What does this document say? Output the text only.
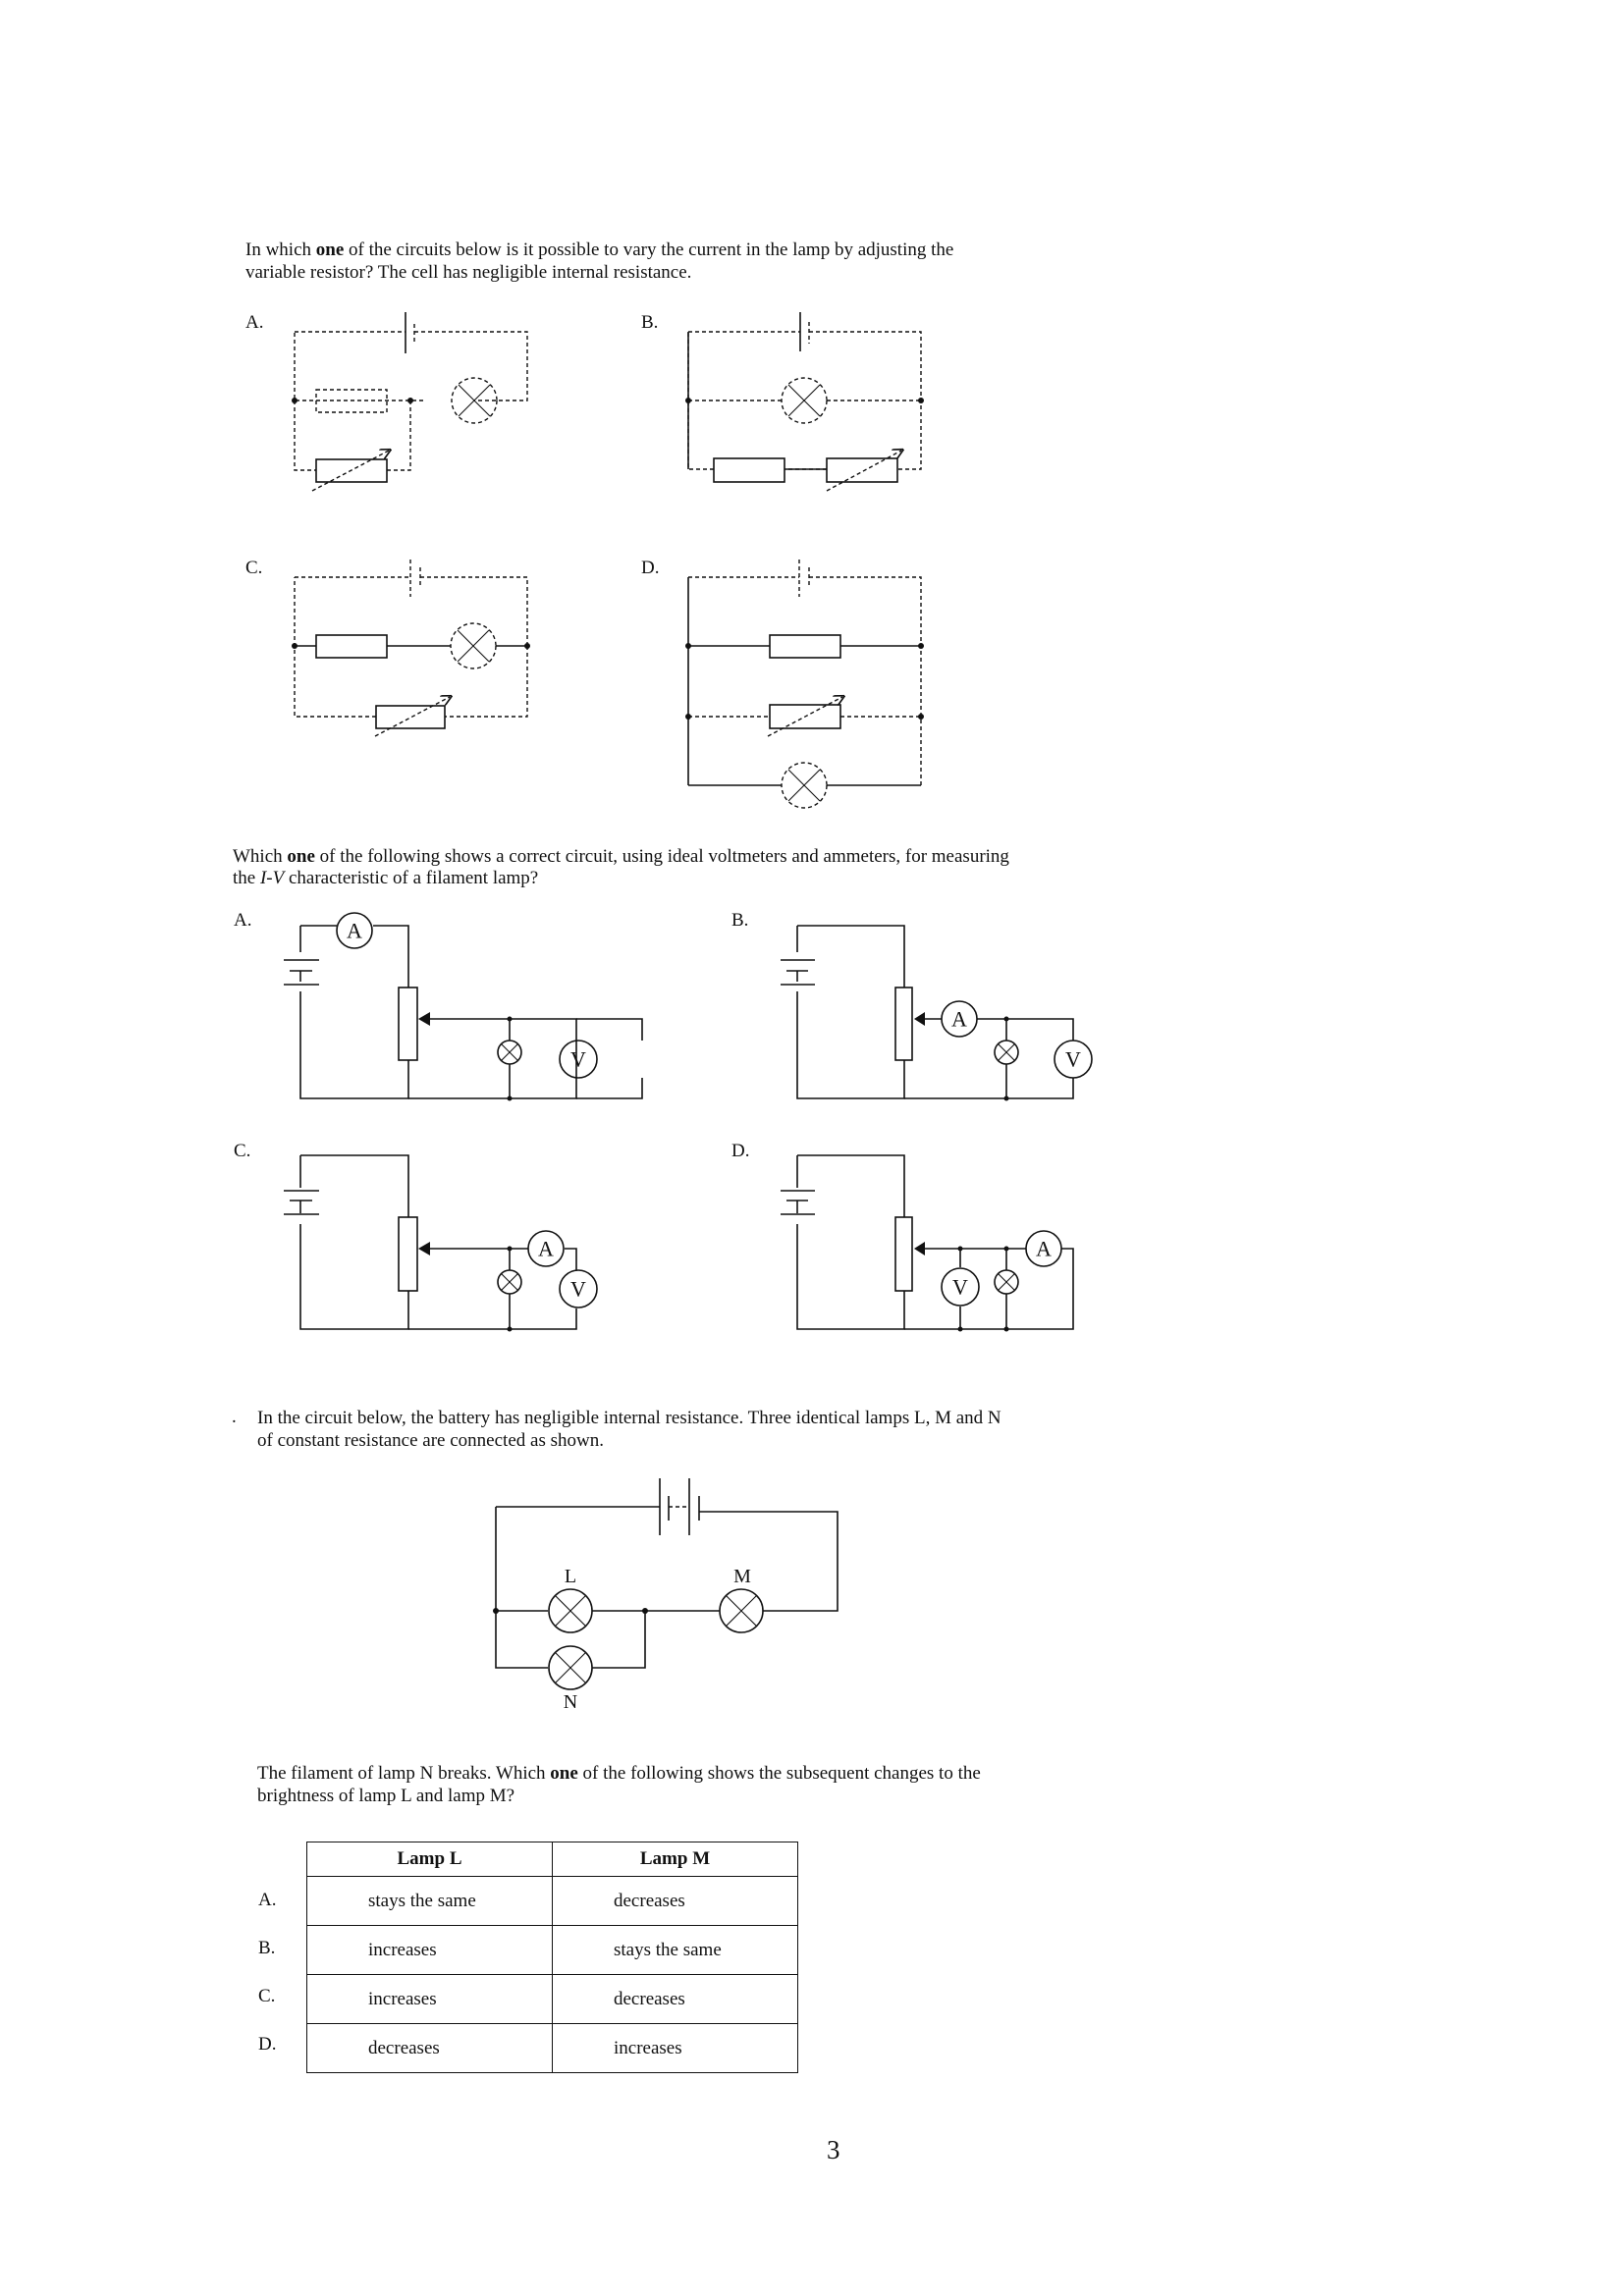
In which one of the circuits below is it possible to vary the current in the lamp by adjusting the
variable resistor? The cell has negligible internal resistance.
A.	B.
C.	D.
A
V
A
V
A
V	V
A
L	M
N
Which one of the following shows a correct circuit, using ideal voltmeters and ammeters, for measuring
the I-V characteristic of a filament lamp?
A.	B.
C.	D.
. In the circuit below, the battery has negligible internal resistance. Three identical lamps L, M and N
of constant resistance are connected as shown.
The filament of lamp N breaks. Which one of the following shows the subsequent changes to the
brightness of lamp L and lamp M?
Lamp L	Lamp M
stays the same	decreases
increases	stays the same
increases	decreases
decreases	increases
A.
B.
C.
D.
3
